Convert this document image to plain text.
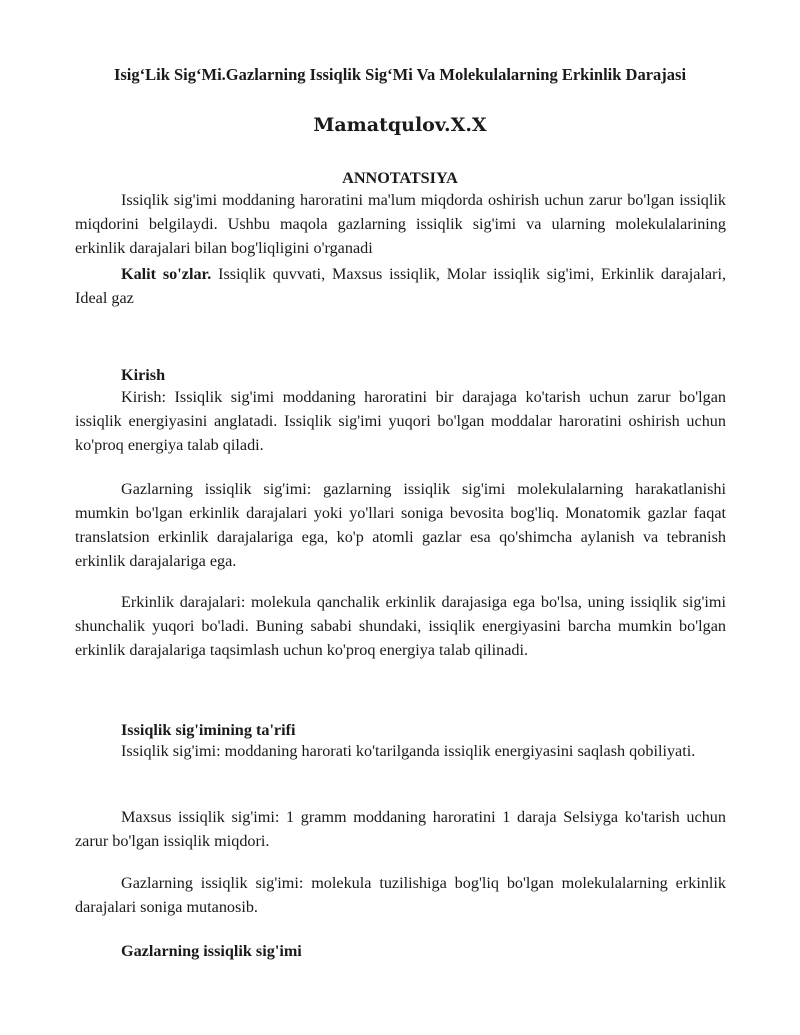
Isig‘Lik Sig‘Mi.Gazlarning Issiqlik Sig‘Mi Va Molekulalarning Erkinlik Darajasi
Mamatqulov.X.X
ANNOTATSIYA

Issiqlik sig'imi moddaning haroratini ma'lum miqdorda oshirish uchun zarur bo'lgan issiqlik miqdorini belgilaydi. Ushbu maqola gazlarning issiqlik sig'imi va ularning molekulalarining erkinlik darajalari bilan bog'liqligini o'rganadi

Kalit so'zlar. Issiqlik quvvati, Maxsus issiqlik, Molar issiqlik sig'imi, Erkinlik darajalari, Ideal gaz

Kirish

Kirish: Issiqlik sig'imi moddaning haroratini bir darajaga ko'tarish uchun zarur bo'lgan issiqlik energiyasini anglatadi. Issiqlik sig'imi yuqori bo'lgan moddalar haroratini oshirish uchun ko'proq energiya talab qiladi.

Gazlarning issiqlik sig'imi: gazlarning issiqlik sig'imi molekulalarning harakatlanishi mumkin bo'lgan erkinlik darajalari yoki yo'llari soniga bevosita bog'liq. Monatomik gazlar faqat translatsion erkinlik darajalariga ega, ko'p atomli gazlar esa qo'shimcha aylanish va tebranish erkinlik darajalariga ega.

Erkinlik darajalari: molekula qanchalik erkinlik darajasiga ega bo'lsa, uning issiqlik sig'imi shunchalik yuqori bo'ladi. Buning sababi shundaki, issiqlik energiyasini barcha mumkin bo'lgan erkinlik darajalariga taqsimlash uchun ko'proq energiya talab qilinadi.

Issiqlik sig'imining ta'rifi

Issiqlik sig'imi: moddaning harorati ko'tarilganda issiqlik energiyasini saqlash qobiliyati.

Maxsus issiqlik sig'imi: 1 gramm moddaning haroratini 1 daraja Selsiyga ko'tarish uchun zarur bo'lgan issiqlik miqdori.

Gazlarning issiqlik sig'imi: molekula tuzilishiga bog'liq bo'lgan molekulalarning erkinlik darajalari soniga mutanosib.

Gazlarning issiqlik sig'imi
